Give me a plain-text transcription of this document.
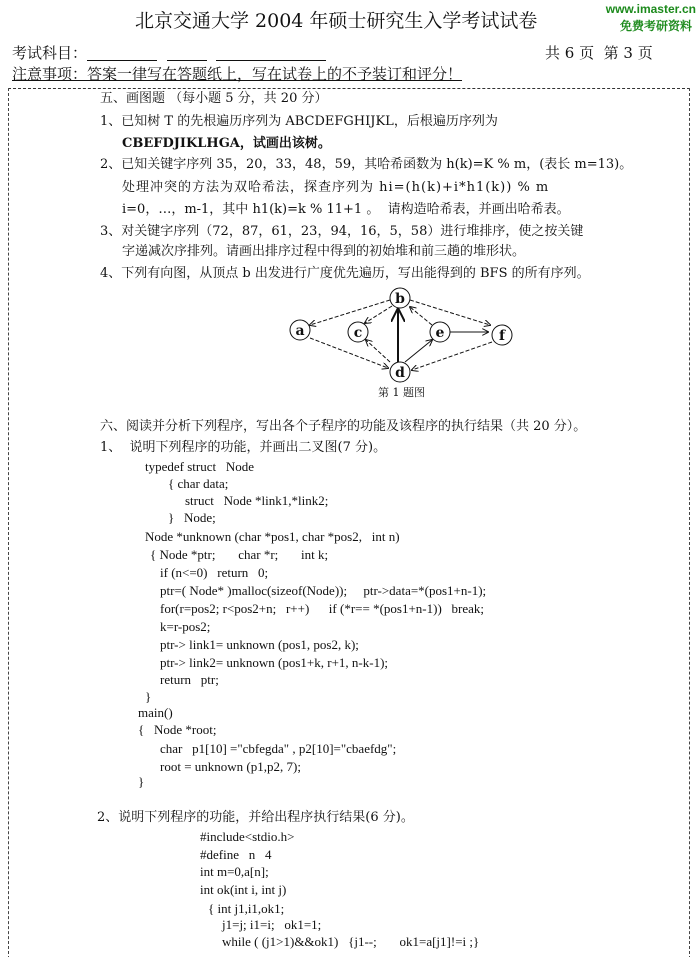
www.imaster.cn
免费考研资料
北京交通大学 2004 年硕士研究生入学考试试卷
考试科目：	共 6 页  第 3 页
注意事项：答案一律写在答题纸上，写在试卷上的不予装订和评分！
五、画图题 （每小题 5 分，共 20 分）
1、已知树 T 的先根遍历序列为 ABCDEFGHIJKL，后根遍历序列为
CBEFDJIKLHGA，试画出该树。
2、已知关键字序列 35，20，33，48，59，其哈希函数为 h(k)=K % m，(表长 m=13)。
处理冲突的方法为双哈希法，探查序列为 hi=(h(k)+i*h1(k)) % m
i=0，…，m-1，其中 h1(k)=k % 11+1 。  请构造哈希表，并画出哈希表。
3、对关键字序列（72，87，61，23，94，16，5，58）进行堆排序，使之按关键
字递减次序排列。请画出排序过程中得到的初始堆和前三趟的堆形状。
4、下列有向图，从顶点 b 出发进行广度优先遍历，写出能得到的 BFS 的所有序列。
a
b
c
d
e	f
第 1 题图
六、阅读并分析下列程序，写出各个子程序的功能及该程序的执行结果（共 20 分）。
1、  说明下列程序的功能，并画出二叉图(7 分)。
typedef struct   Node
{ char data;
struct   Node *link1,*link2;
}   Node;
Node *unknown (char *pos1, char *pos2,   int n)
{ Node *ptr;       char *r;       int k;
if (n<=0)   return   0;
ptr=( Node* )malloc(sizeof(Node));     ptr->data=*(pos1+n-1);
for(r=pos2; r<pos2+n;   r++)      if (*r== *(pos1+n-1))   break;
k=r-pos2;
ptr-> link1= unknown (pos1, pos2, k);
ptr-> link2= unknown (pos1+k, r+1, n-k-1);
return   ptr;
}
main()
{   Node *root;
char   p1[10] ="cbfegda" , p2[10]="cbaefdg";
root = unknown (p1,p2, 7);
}
2、说明下列程序的功能，并给出程序执行结果(6 分)。
#include<stdio.h>
#define   n   4
int m=0,a[n];
int ok(int i, int j)
{ int j1,i1,ok1;
j1=j; i1=i;   ok1=1;
while ( (j1>1)&&ok1)   {j1--;       ok1=a[j1]!=i ;}
